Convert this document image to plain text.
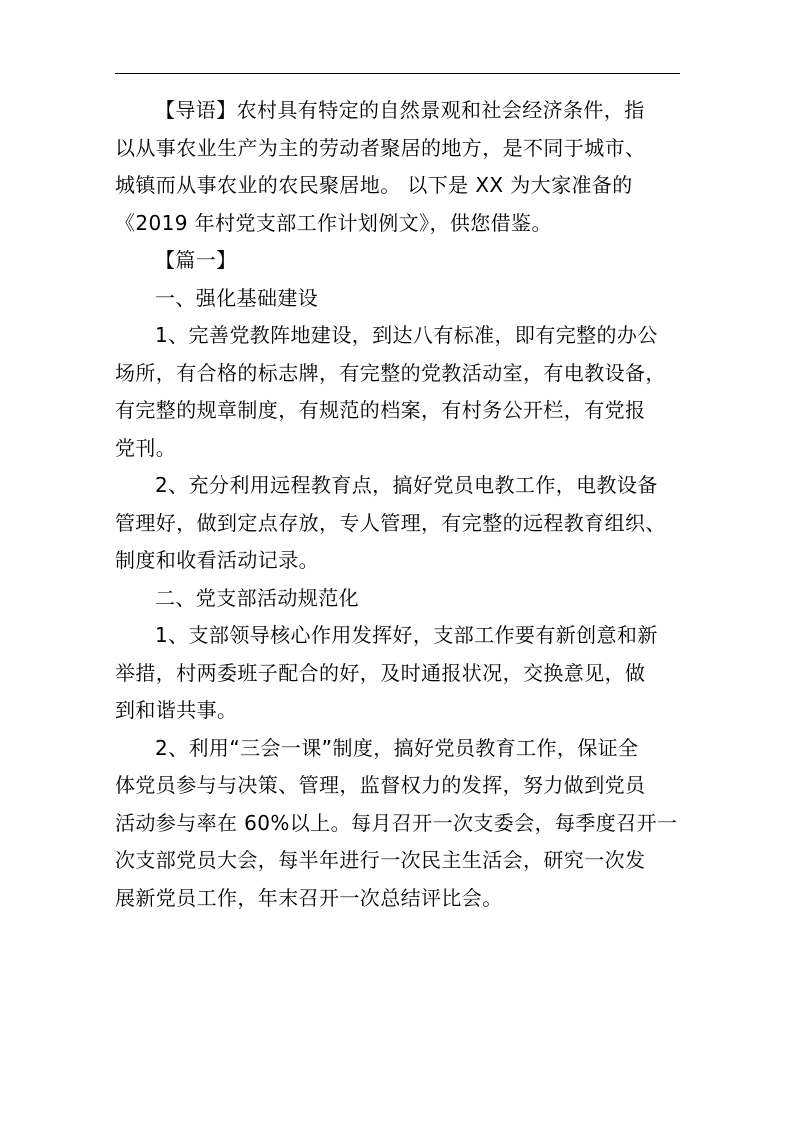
【导语】农村具有特定的自然景观和社会经济条件，指
以从事农业生产为主的劳动者聚居的地方，是不同于城市、
城镇而从事农业的农民聚居地。 以下是 XX 为大家准备的
《2019 年村党支部工作计划例文》，供您借鉴。
【篇一】
一、强化基础建设
1、完善党教阵地建设，到达八有标准，即有完整的办公
场所，有合格的标志牌，有完整的党教活动室，有电教设备，
有完整的规章制度，有规范的档案，有村务公开栏，有党报
党刊。
2、充分利用远程教育点，搞好党员电教工作，电教设备
管理好，做到定点存放，专人管理，有完整的远程教育组织、
制度和收看活动记录。
二、党支部活动规范化
1、支部领导核心作用发挥好，支部工作要有新创意和新
举措，村两委班子配合的好，及时通报状况，交换意见，做
到和谐共事。
2、利用“三会一课”制度，搞好党员教育工作，保证全
体党员参与与决策、管理，监督权力的发挥，努力做到党员
活动参与率在 60%以上。每月召开一次支委会，每季度召开一
次支部党员大会，每半年进行一次民主生活会，研究一次发
展新党员工作，年末召开一次总结评比会。
